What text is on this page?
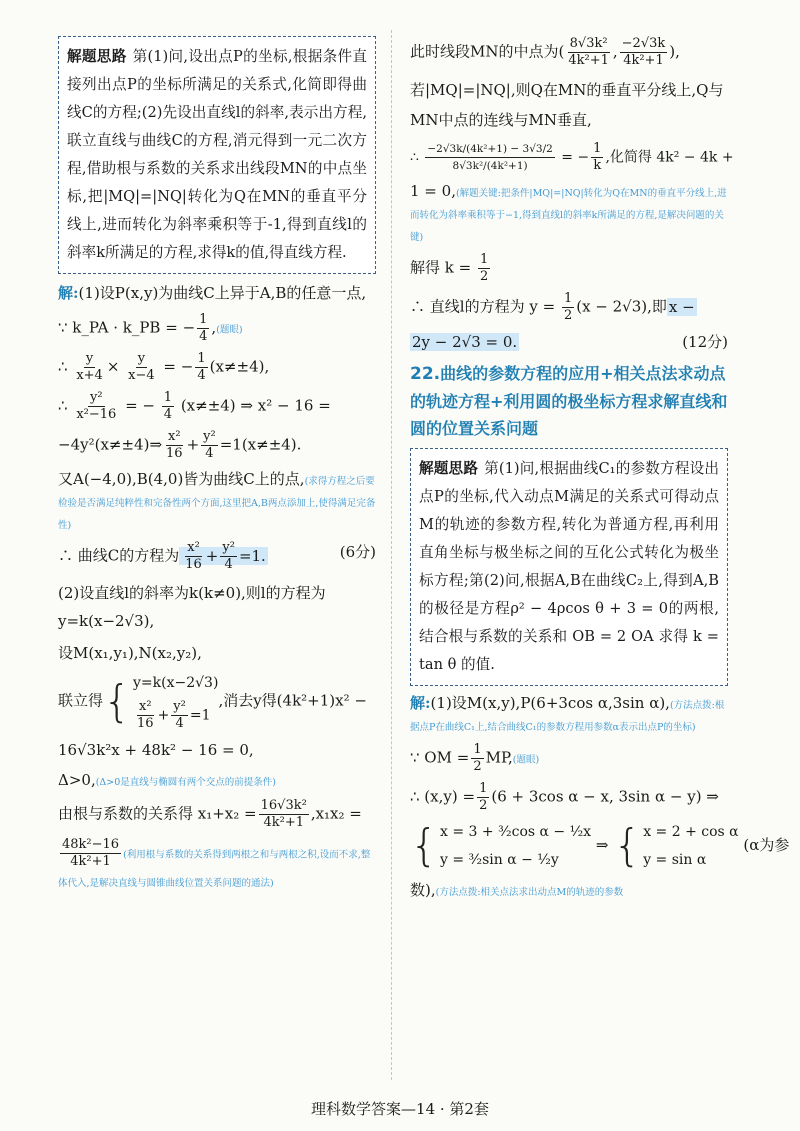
解题思路 第(1)问,设出点P的坐标,根据条件直接列出点P的坐标所满足的关系式,化简即得曲线C的方程;(2)先设出直线l的斜率,表示出方程,联立直线与曲线C的方程,消元得到一元二次方程,借助根与系数的关系求出线段MN的中点坐标,把|MQ|=|NQ|转化为Q在MN的垂直平分线上,进而转化为斜率乘积等于-1,得到直线l的斜率k所满足的方程,求得k的值,得直线方程.

解:(1)设P(x,y)为曲线C上异于A,B的任意一点,

∵ k_PA · k_PB = − $\frac{1}{4}$ ,(题眼)

∴ $\frac{y}{x+4} \times \frac{y}{x-4}$ = − $\frac{1}{4} (x\ne\pm 4)$,

∴ $\frac{\text{y²}}{\text{x²−16}}$ = − $\frac{1}{4} (x\ne\pm 4)$ ⇒ x² − 16 =

−4y²(x≠±4)⇒ $\frac{\text{x²}}{16} + \frac{\text{y²}}{4} =1(x\ne\pm 4)$.

又A(−4,0),B(4,0)皆为曲线C上的点,(求得方程之后要检验是否满足纯粹性和完备性两个方面,这里把A,B两点添加上,使得满足完备性)

∴ 曲线C的方程为 $\frac{\text{x²}}{16} + \frac{\text{y²}}{4} =1$.	(6分)

(2)设直线l的斜率为k(k≠0),则l的方程为y=k(x−2√3),

设M(x₁,y₁),N(x₂,y₂),

联立得 { y=k(x−2√3)
$\frac{\text{x²}}{16} + \frac{\text{y²}}{4} =1$
,消去y得(4k²+1)x² −

16√3k²x + 48k² − 16 = 0,

Δ>0,(Δ>0是直线与椭圆有两个交点的前提条件)

由根与系数的关系得 $x_1+x_2 = \frac{\text{16√3k²}}{\text{4k²+1}} ,x_1x_2$ =

$\frac{\text{48k²−16}}{\text{4k²+1}}$ (利用根与系数的关系得到两根之和与两根之积,设而不求,整体代入,是解决直线与圆锥曲线位置关系问题的通法)

此时线段MN的中点为( $\frac{\text{8√3k²}}{\text{4k²+1}}$ , $\frac{-2√3k}{\text{4k²+1}}$ ),

若|MQ|=|NQ|,则Q在MN的垂直平分线上,Q与MN中点的连线与MN垂直,

∴ $\frac{\text{−2√3k/(4k²+1) − 3√3/2}}{\text{8√3k²/(4k²+1)}}$ = − $\frac{1}{k}$ ,化简得 4k² − 4k +

1 = 0,(解题关键:把条件|MQ|=|NQ|转化为Q在MN的垂直平分线上,进而转化为斜率乘积等于−1,得到直线l的斜率k所满足的方程,是解决问题的关键)

解得 $k = \frac{1}{2}$

∴ 直线l的方程为 $y = \frac{1}{2} (x - 2√3)$,即 x −

2y − 2√3 = 0.	(12分)

22.曲线的参数方程的应用+相关点法求动点的轨迹方程+利用圆的极坐标方程求解直线和圆的位置关系问题

解题思路 第(1)问,根据曲线C₁的参数方程设出点P的坐标,代入动点M满足的关系式可得动点M的轨迹的参数方程,转化为普通方程,再利用直角坐标与极坐标之间的互化公式转化为极坐标方程;第(2)问,根据A,B在曲线C₂上,得到A,B的极径是方程ρ² − 4ρcos θ + 3 = 0的两根,结合根与系数的关系和 OB = 2 OA 求得 k = tan θ 的值.

解:(1)设M(x,y),P(6+3cos α,3sin α),(方法点拨:根据点P在曲线C₁上,结合曲线C₁的参数方程用参数α表示出点P的坐标)

∵ OM = $\frac{1}{2} MP$,(题眼)

∴ $(x,y) = \frac{1}{2} (6 + 3\cos$ α − x, 3sin α − y) ⇒

{ x = 3 + ³⁄₂cos α − ¹⁄₂x
y = ³⁄₂sin α − ¹⁄₂y
⇒ { x = 2 + cos α
y = sin α
(α为参

数),(方法点拨:相关点法求出动点M的轨迹的参数

理科数学答案—14 · 第2套
